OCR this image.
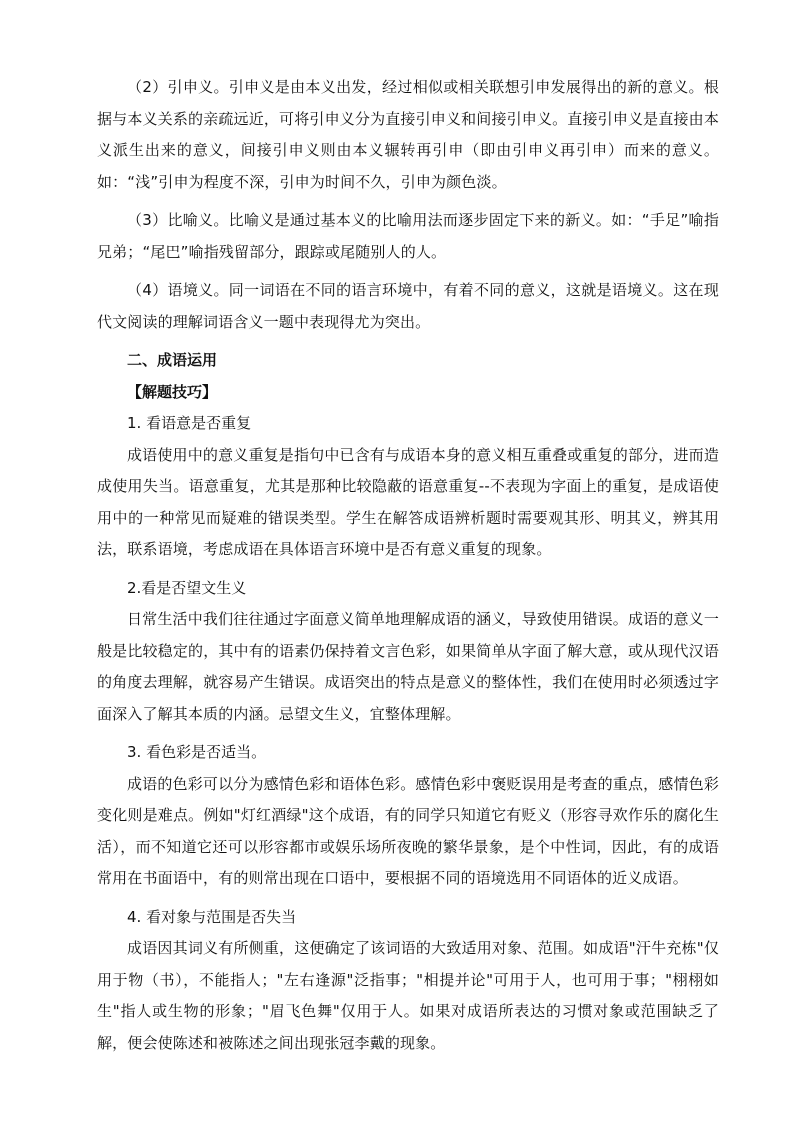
（2）引申义。引申义是由本义出发，经过相似或相关联想引申发展得出的新的意义。根据与本义关系的亲疏远近，可将引申义分为直接引申义和间接引申义。直接引申义是直接由本义派生出来的意义，间接引申义则由本义辗转再引申（即由引申义再引申）而来的意义。如：“浅”引申为程度不深，引申为时间不久，引申为颜色淡。

（3）比喻义。比喻义是通过基本义的比喻用法而逐步固定下来的新义。如：“手足”喻指兄弟；“尾巴”喻指残留部分，跟踪或尾随别人的人。

（4）语境义。同一词语在不同的语言环境中，有着不同的意义，这就是语境义。这在现代文阅读的理解词语含义一题中表现得尤为突出。

二、成语运用

【解题技巧】

1. 看语意是否重复

成语使用中的意义重复是指句中已含有与成语本身的意义相互重叠或重复的部分，进而造成使用失当。语意重复，尤其是那种比较隐蔽的语意重复--不表现为字面上的重复，是成语使用中的一种常见而疑难的错误类型。学生在解答成语辨析题时需要观其形、明其义，辨其用法，联系语境，考虑成语在具体语言环境中是否有意义重复的现象。

2.看是否望文生义

日常生活中我们往往通过字面意义简单地理解成语的涵义，导致使用错误。成语的意义一般是比较稳定的，其中有的语素仍保持着文言色彩，如果简单从字面了解大意，或从现代汉语的角度去理解，就容易产生错误。成语突出的特点是意义的整体性，我们在使用时必须透过字面深入了解其本质的内涵。忌望文生义，宜整体理解。

3. 看色彩是否适当。

成语的色彩可以分为感情色彩和语体色彩。感情色彩中褒贬误用是考查的重点，感情色彩变化则是难点。例如"灯红酒绿"这个成语，有的同学只知道它有贬义（形容寻欢作乐的腐化生活），而不知道它还可以形容都市或娱乐场所夜晚的繁华景象，是个中性词，因此，有的成语常用在书面语中，有的则常出现在口语中，要根据不同的语境选用不同语体的近义成语。

4. 看对象与范围是否失当

成语因其词义有所侧重，这便确定了该词语的大致适用对象、范围。如成语"汗牛充栋"仅用于物（书），不能指人；"左右逢源"泛指事；"相提并论"可用于人，也可用于事；"栩栩如生"指人或生物的形象；"眉飞色舞"仅用于人。如果对成语所表达的习惯对象或范围缺乏了解，便会使陈述和被陈述之间出现张冠李戴的现象。
